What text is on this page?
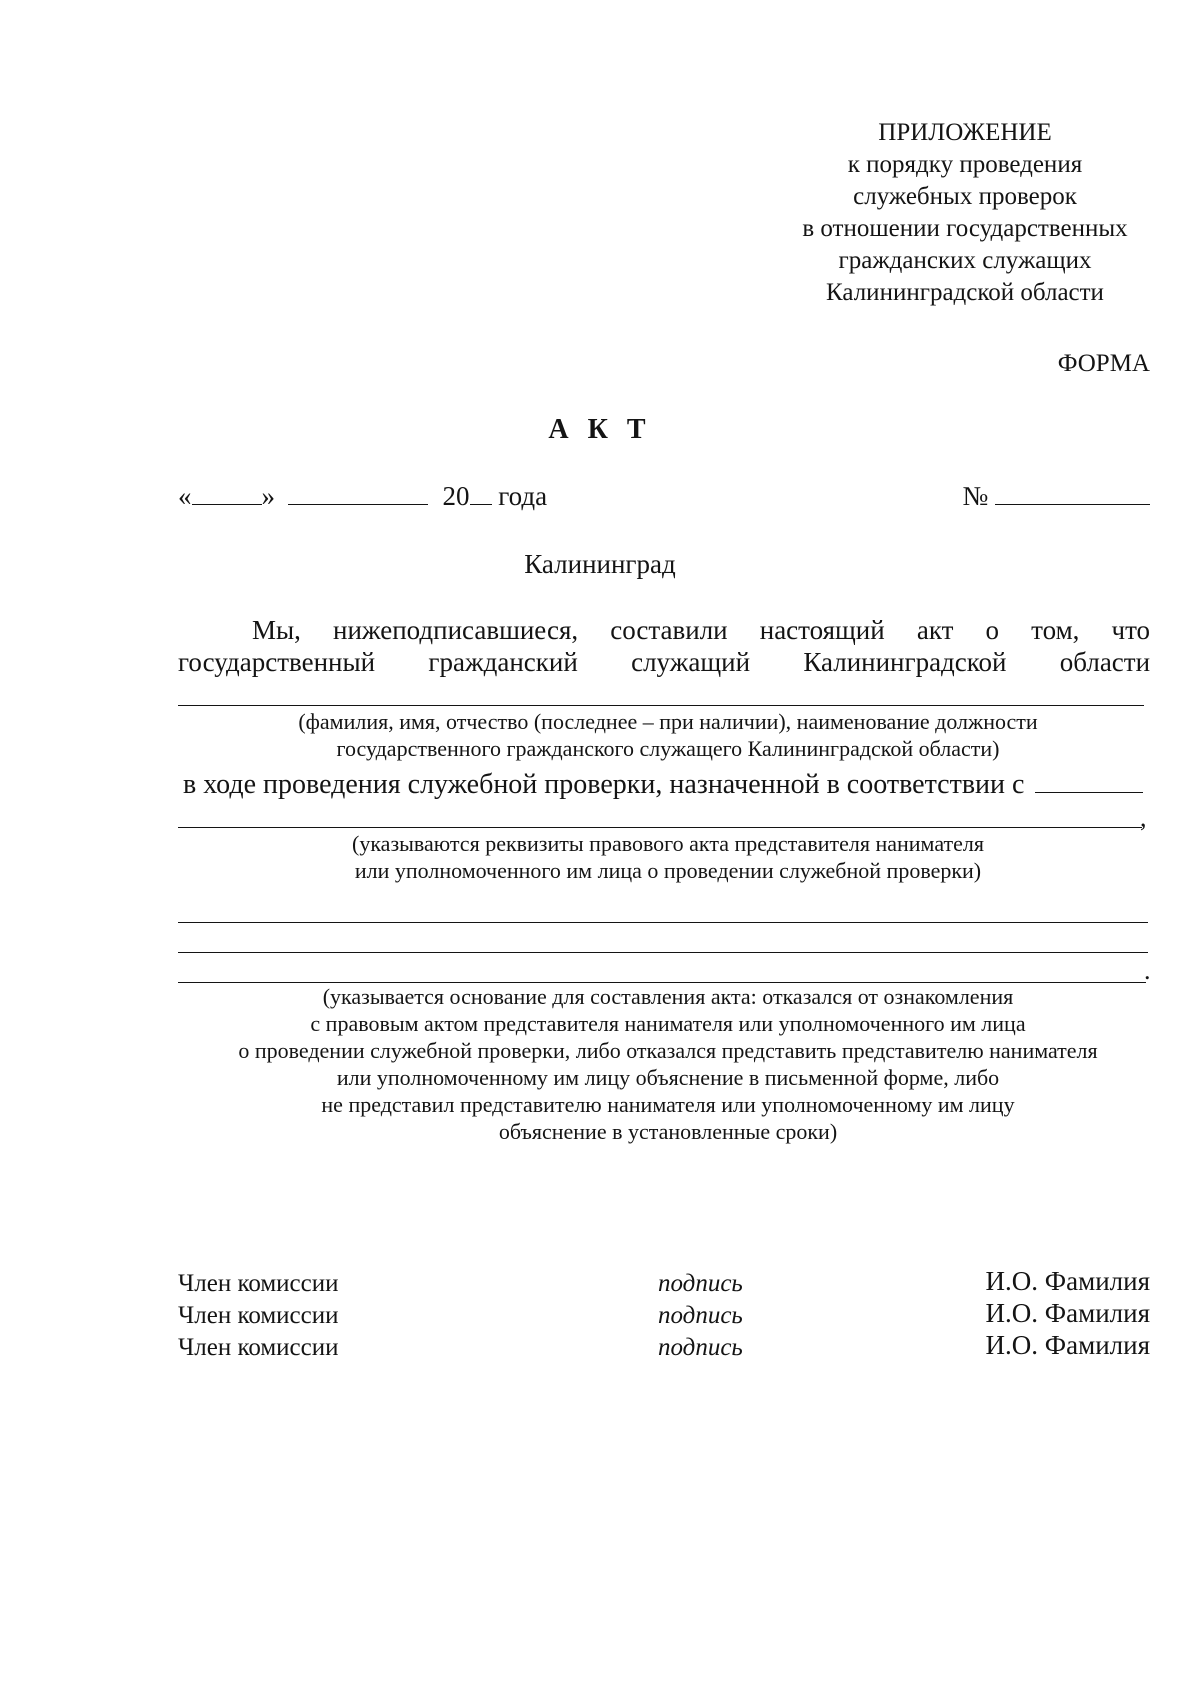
ПРИЛОЖЕНИЕ
к порядку проведения
служебных проверок
в отношении государственных
гражданских служащих
Калининградской области
ФОРМА
А К Т
«	»	20 года	№
Калининград
Мы, нижеподписавшиеся, составили настоящий акт о том, что
государственный гражданский служащий Калининградской области
(фамилия, имя, отчество (последнее – при наличии), наименование должности
государственного гражданского служащего Калининградской области)
в ходе проведения служебной проверки, назначенной в соответствии с
,
(указываются реквизиты правового акта представителя нанимателя
или уполномоченного им лица о проведении служебной проверки)
.
(указывается основание для составления акта: отказался от ознакомления
с правовым актом представителя нанимателя или уполномоченного им лица
о проведении служебной проверки, либо отказался представить представителю нанимателя
или уполномоченному им лицу объяснение в письменной форме, либо
не представил представителю нанимателя или уполномоченному им лицу
объяснение в установленные сроки)
Член комиссии	подпись	И.О. Фамилия
Член комиссии	подпись	И.О. Фамилия
Член комиссии	подпись	И.О. Фамилия
